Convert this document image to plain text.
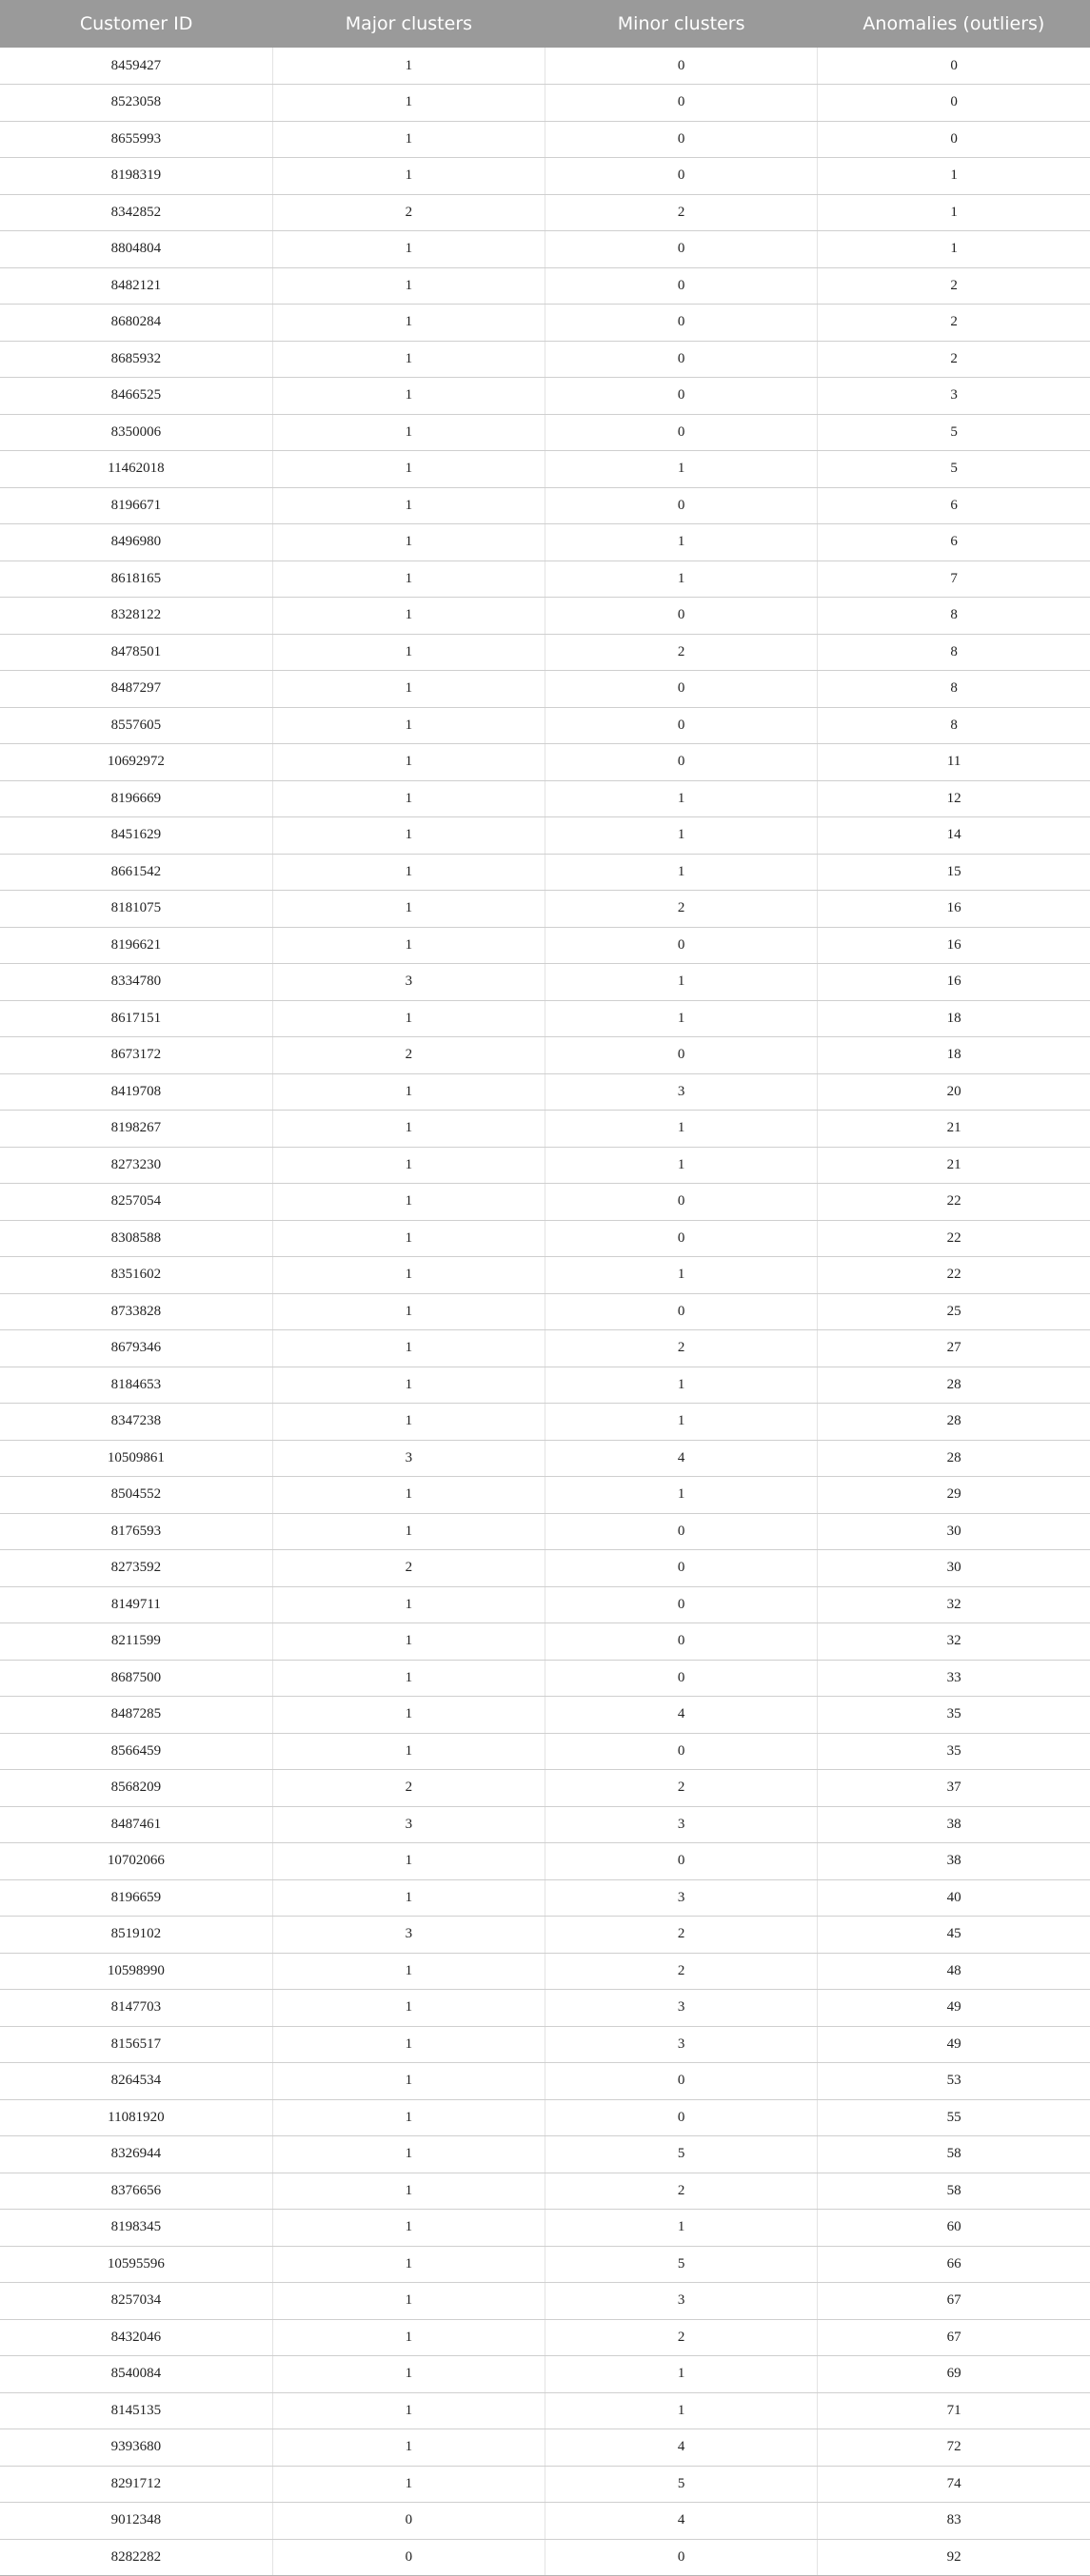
Customer ID	Major clusters	Minor clusters	Anomalies (outliers)
8459427	1	0	0
8523058	1	0	0
8655993	1	0	0
8198319	1	0	1
8342852	2	2	1
8804804	1	0	1
8482121	1	0	2
8680284	1	0	2
8685932	1	0	2
8466525	1	0	3
8350006	1	0	5
11462018	1	1	5
8196671	1	0	6
8496980	1	1	6
8618165	1	1	7
8328122	1	0	8
8478501	1	2	8
8487297	1	0	8
8557605	1	0	8
10692972	1	0	11
8196669	1	1	12
8451629	1	1	14
8661542	1	1	15
8181075	1	2	16
8196621	1	0	16
8334780	3	1	16
8617151	1	1	18
8673172	2	0	18
8419708	1	3	20
8198267	1	1	21
8273230	1	1	21
8257054	1	0	22
8308588	1	0	22
8351602	1	1	22
8733828	1	0	25
8679346	1	2	27
8184653	1	1	28
8347238	1	1	28
10509861	3	4	28
8504552	1	1	29
8176593	1	0	30
8273592	2	0	30
8149711	1	0	32
8211599	1	0	32
8687500	1	0	33
8487285	1	4	35
8566459	1	0	35
8568209	2	2	37
8487461	3	3	38
10702066	1	0	38
8196659	1	3	40
8519102	3	2	45
10598990	1	2	48
8147703	1	3	49
8156517	1	3	49
8264534	1	0	53
11081920	1	0	55
8326944	1	5	58
8376656	1	2	58
8198345	1	1	60
10595596	1	5	66
8257034	1	3	67
8432046	1	2	67
8540084	1	1	69
8145135	1	1	71
9393680	1	4	72
8291712	1	5	74
9012348	0	4	83
8282282	0	0	92
